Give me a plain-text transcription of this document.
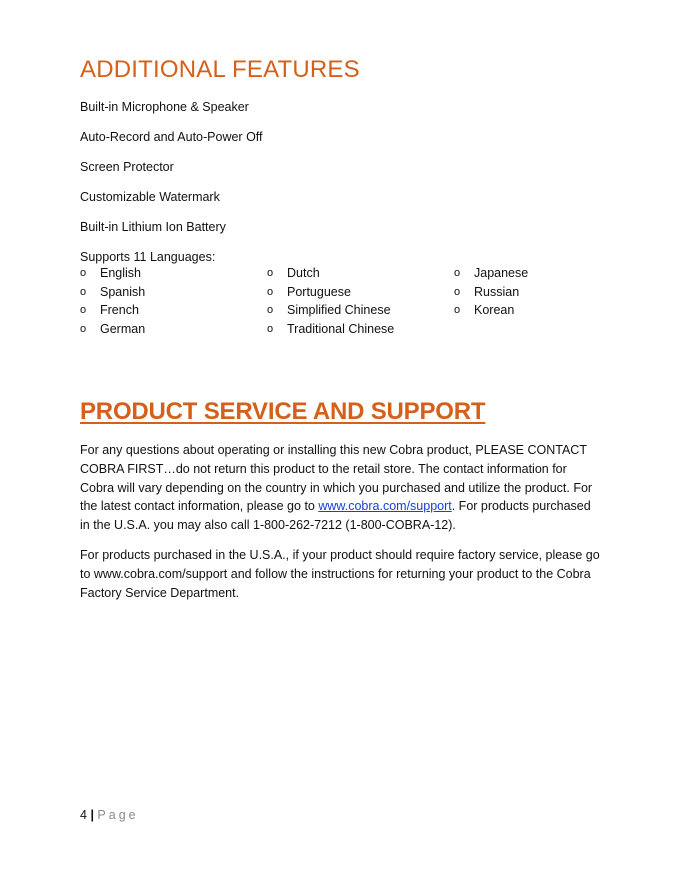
ADDITIONAL FEATURES

Built-in Microphone & Speaker

Auto-Record and Auto-Power Off

Screen Protector

Customizable Watermark

Built-in Lithium Ion Battery

Supports 11 Languages:

o English
o Spanish
o French
o German
o Dutch
o Portuguese
o Simplified Chinese
o Traditional Chinese
o Japanese
o Russian
o Korean
PRODUCT SERVICE AND SUPPORT

For any questions about operating or installing this new Cobra product, PLEASE CONTACT COBRA FIRST…do not return this product to the retail store. The contact information for Cobra will vary depending on the country in which you purchased and utilize the product. For the latest contact information, please go to www.cobra.com/support. For products purchased in the U.S.A. you may also call 1-800-262-7212 (1-800-COBRA-12).

For products purchased in the U.S.A., if your product should require factory service, please go to www.cobra.com/support and follow the instructions for returning your product to the Cobra Factory Service Department.

4 | Page
